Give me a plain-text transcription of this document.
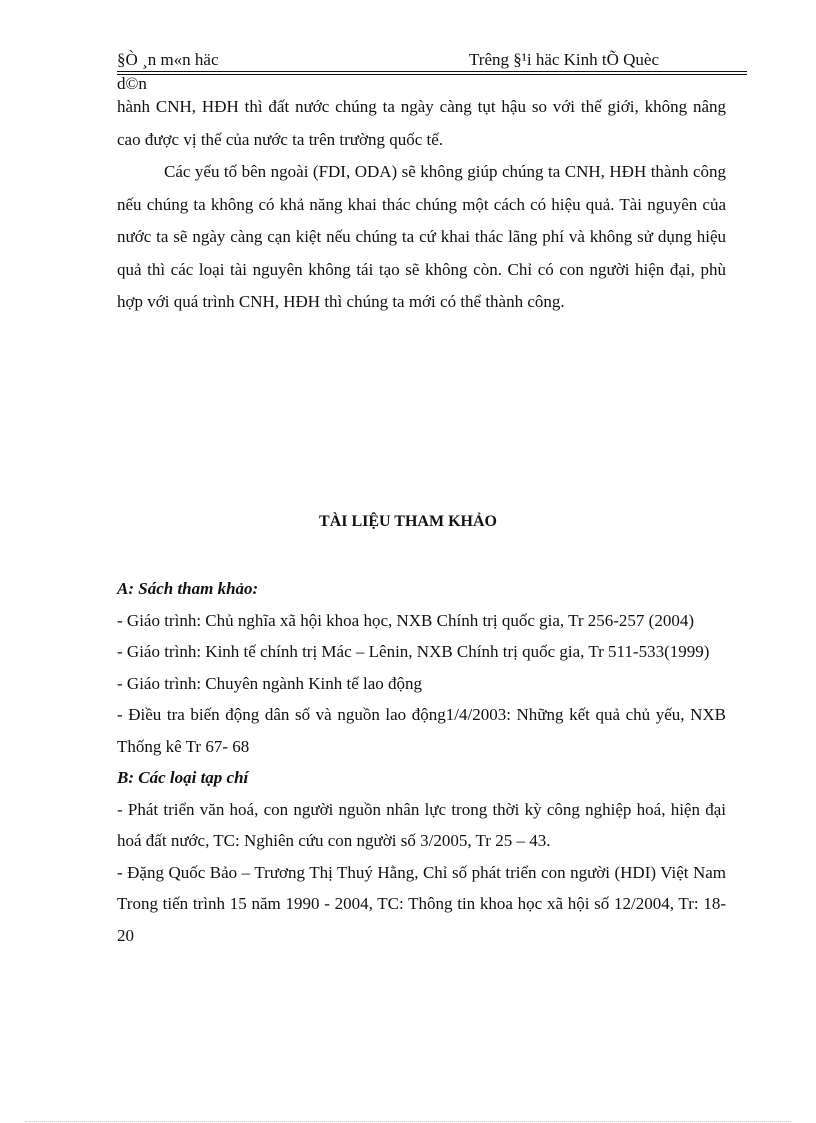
§Ò ¸n m«n häc	Trêng §¹i häc Kinh tÕ Quèc
d©n

hành CNH, HĐH thì đất nước chúng ta ngày càng tụt hậu so với thế giới, không nâng cao được vị thế của nước ta trên trường quốc tế.

Các yếu tố bên ngoài (FDI, ODA) sẽ không giúp chúng ta CNH, HĐH thành công nếu chúng ta không có khả năng khai thác chúng một cách có hiệu quả. Tài nguyên của nước ta sẽ ngày càng cạn kiệt nếu chúng ta cứ khai thác lãng phí và không sử dụng hiệu quả thì các loại tài nguyên không tái tạo sẽ không còn. Chỉ có con người hiện đại, phù hợp với quá trình CNH, HĐH thì chúng ta mới có thể thành công.

TÀI LIỆU THAM KHẢO

A: Sách tham khảo:

- Giáo trình: Chủ nghĩa xã hội khoa học, NXB Chính trị quốc gia, Tr 256-257 (2004)

- Giáo trình: Kinh tế chính trị Mác – Lênin, NXB Chính trị quốc gia, Tr 511-533(1999)

- Giáo trình: Chuyên ngành Kinh tế lao động

- Điều tra biến động dân số và nguồn lao động1/4/2003: Những kết quả chủ yếu, NXB Thống kê Tr 67- 68

B: Các loại tạp chí

- Phát triển văn hoá, con người nguồn nhân lực trong thời kỳ công nghiệp hoá, hiện đại hoá đất nước, TC: Nghiên cứu con người số 3/2005, Tr 25 – 43.

- Đặng Quốc Bảo – Trương Thị Thuý Hằng, Chỉ số phát triển con người (HDI) Việt Nam Trong tiến trình 15 năm 1990 - 2004, TC: Thông tin khoa học xã hội số 12/2004, Tr: 18-20
